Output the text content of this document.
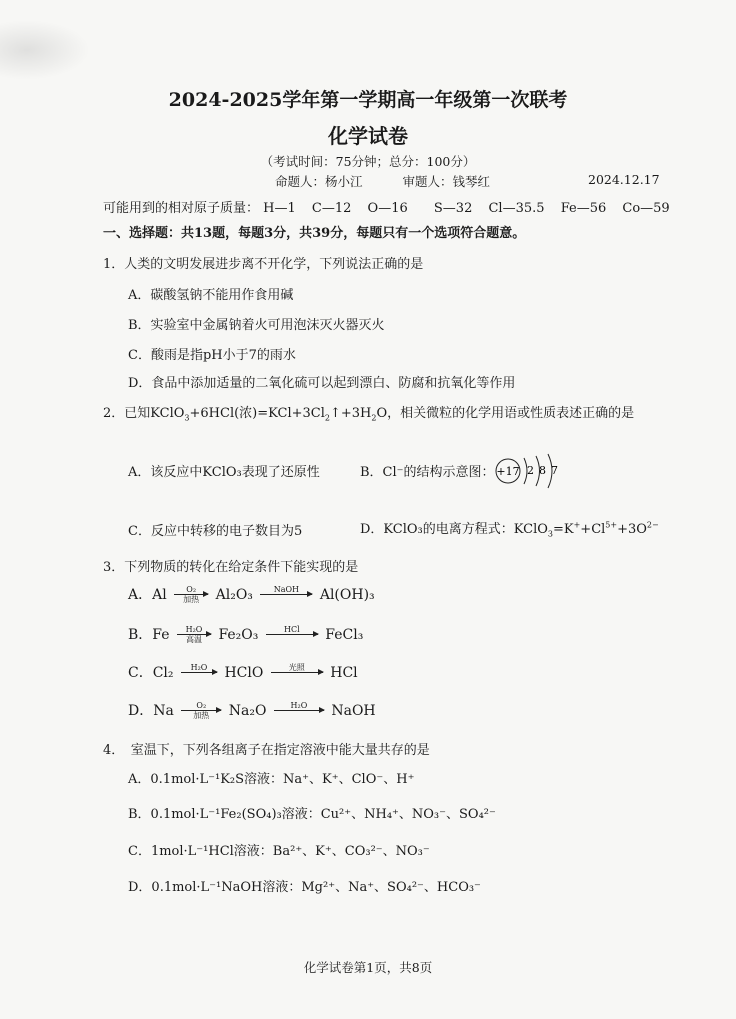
2024-2025学年第一学期高一年级第一次联考
化学试卷
（考试时间：75分钟；总分：100分）
命题人：杨小江	审题人：钱琴红	2024.12.17
可能用到的相对原子质量： H—1 C—12 O—16 S—32 Cl—35.5 Fe—56 Co—59
一、选择题：共13题，每题3分，共39分，每题只有一个选项符合题意。
1．人类的文明发展进步离不开化学，下列说法正确的是
A．碳酸氢钠不能用作食用碱
B．实验室中金属钠着火可用泡沫灭火器灭火
C．酸雨是指pH小于7的雨水
D．食品中添加适量的二氧化硫可以起到漂白、防腐和抗氧化等作用
2．已知KClO$_3$+6HCl(浓)$=KCl+3Cl_2↑+3H_2O$，相关微粒的化学用语或性质表述正确的是
A．该反应中KClO₃表现了还原性	B．Cl⁻的结构示意图： +17 2 8 7
C．反应中转移的电子数目为5	D．KClO₃的电离方程式：$KClO_3=K^++Cl^{5+}+3O^{2-}$
3．下列物质的转化在给定条件下能实现的是
A．Al	O₂
加热	Al₂O₃	NaOH
	Al(OH)₃
B．Fe	H₂O
高温	Fe₂O₃	HCl
	FeCl₃
C．Cl₂	H₂O
	HClO	光照
	HCl
D．Na	O₂
加热	Na₂O	H₂O
	NaOH
4．　室温下，下列各组离子在指定溶液中能大量共存的是
A．0.1mol·L⁻¹K₂S溶液：Na⁺、K⁺、ClO⁻、H⁺
B．0.1mol·L⁻¹Fe₂(SO₄)₃溶液：Cu²⁺、NH₄⁺、NO₃⁻、SO₄²⁻
C．1mol·L⁻¹HCl溶液：Ba²⁺、K⁺、CO₃²⁻、NO₃⁻
D．0.1mol·L⁻¹NaOH溶液：Mg²⁺、Na⁺、SO₄²⁻、HCO₃⁻
化学试卷第1页，共8页
